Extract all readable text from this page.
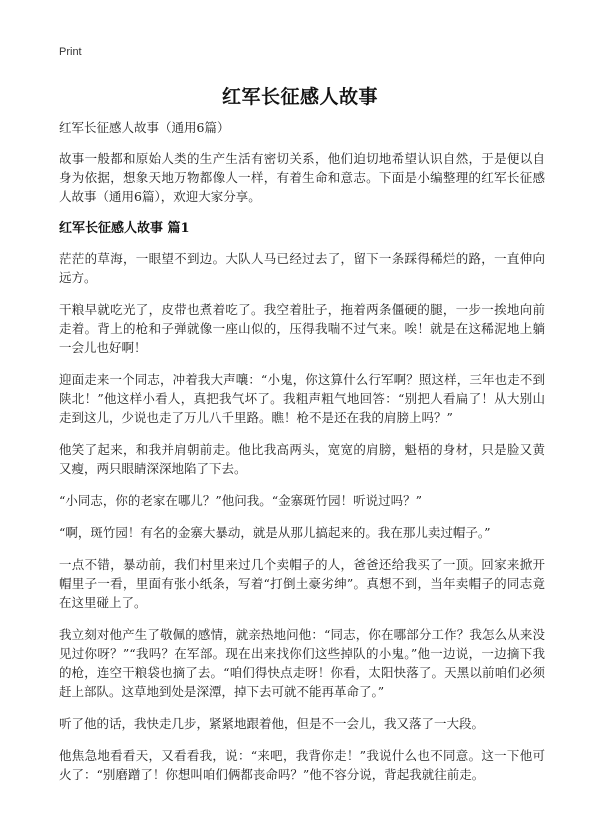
Print
红军长征感人故事

红军长征感人故事（通用6篇）

故事一般都和原始人类的生产生活有密切关系，他们迫切地希望认识自然，于是便以自身为依据，想象天地万物都像人一样，有着生命和意志。下面是小编整理的红军长征感人故事（通用6篇），欢迎大家分享。

红军长征感人故事 篇1

茫茫的草海，一眼望不到边。大队人马已经过去了，留下一条踩得稀烂的路，一直伸向远方。

干粮早就吃光了，皮带也煮着吃了。我空着肚子，拖着两条僵硬的腿，一步一挨地向前走着。背上的枪和子弹就像一座山似的，压得我喘不过气来。唉！就是在这稀泥地上躺一会儿也好啊！

迎面走来一个同志，冲着我大声嚷：“小鬼，你这算什么行军啊？照这样，三年也走不到陕北！”他这样小看人，真把我气坏了。我粗声粗气地回答：“别把人看扁了！从大别山走到这儿，少说也走了万儿八千里路。瞧！枪不是还在我的肩膀上吗？”

他笑了起来，和我并肩朝前走。他比我高两头，宽宽的肩膀，魁梧的身材，只是脸又黄又瘦，两只眼睛深深地陷了下去。

“小同志，你的老家在哪儿？”他问我。“金寨斑竹园！听说过吗？”

“啊，斑竹园！有名的金寨大暴动，就是从那儿搞起来的。我在那儿卖过帽子。”

一点不错，暴动前，我们村里来过几个卖帽子的人，爸爸还给我买了一顶。回家来掀开帽里子一看，里面有张小纸条，写着“打倒土豪劣绅”。真想不到，当年卖帽子的同志竟在这里碰上了。

我立刻对他产生了敬佩的感情，就亲热地问他：“同志，你在哪部分工作？我怎么从来没见过你呀？”“我吗？在军部。现在出来找你们这些掉队的小鬼。”他一边说，一边摘下我的枪，连空干粮袋也摘了去。“咱们得快点走呀！你看，太阳快落了。天黑以前咱们必须赶上部队。这草地到处是深潭，掉下去可就不能再革命了。”

听了他的话，我快走几步，紧紧地跟着他，但是不一会儿，我又落了一大段。

他焦急地看看天，又看看我，说：“来吧，我背你走！”我说什么也不同意。这一下他可火了：“别磨蹭了！你想叫咱们俩都丧命吗？”他不容分说，背起我就往前走。
